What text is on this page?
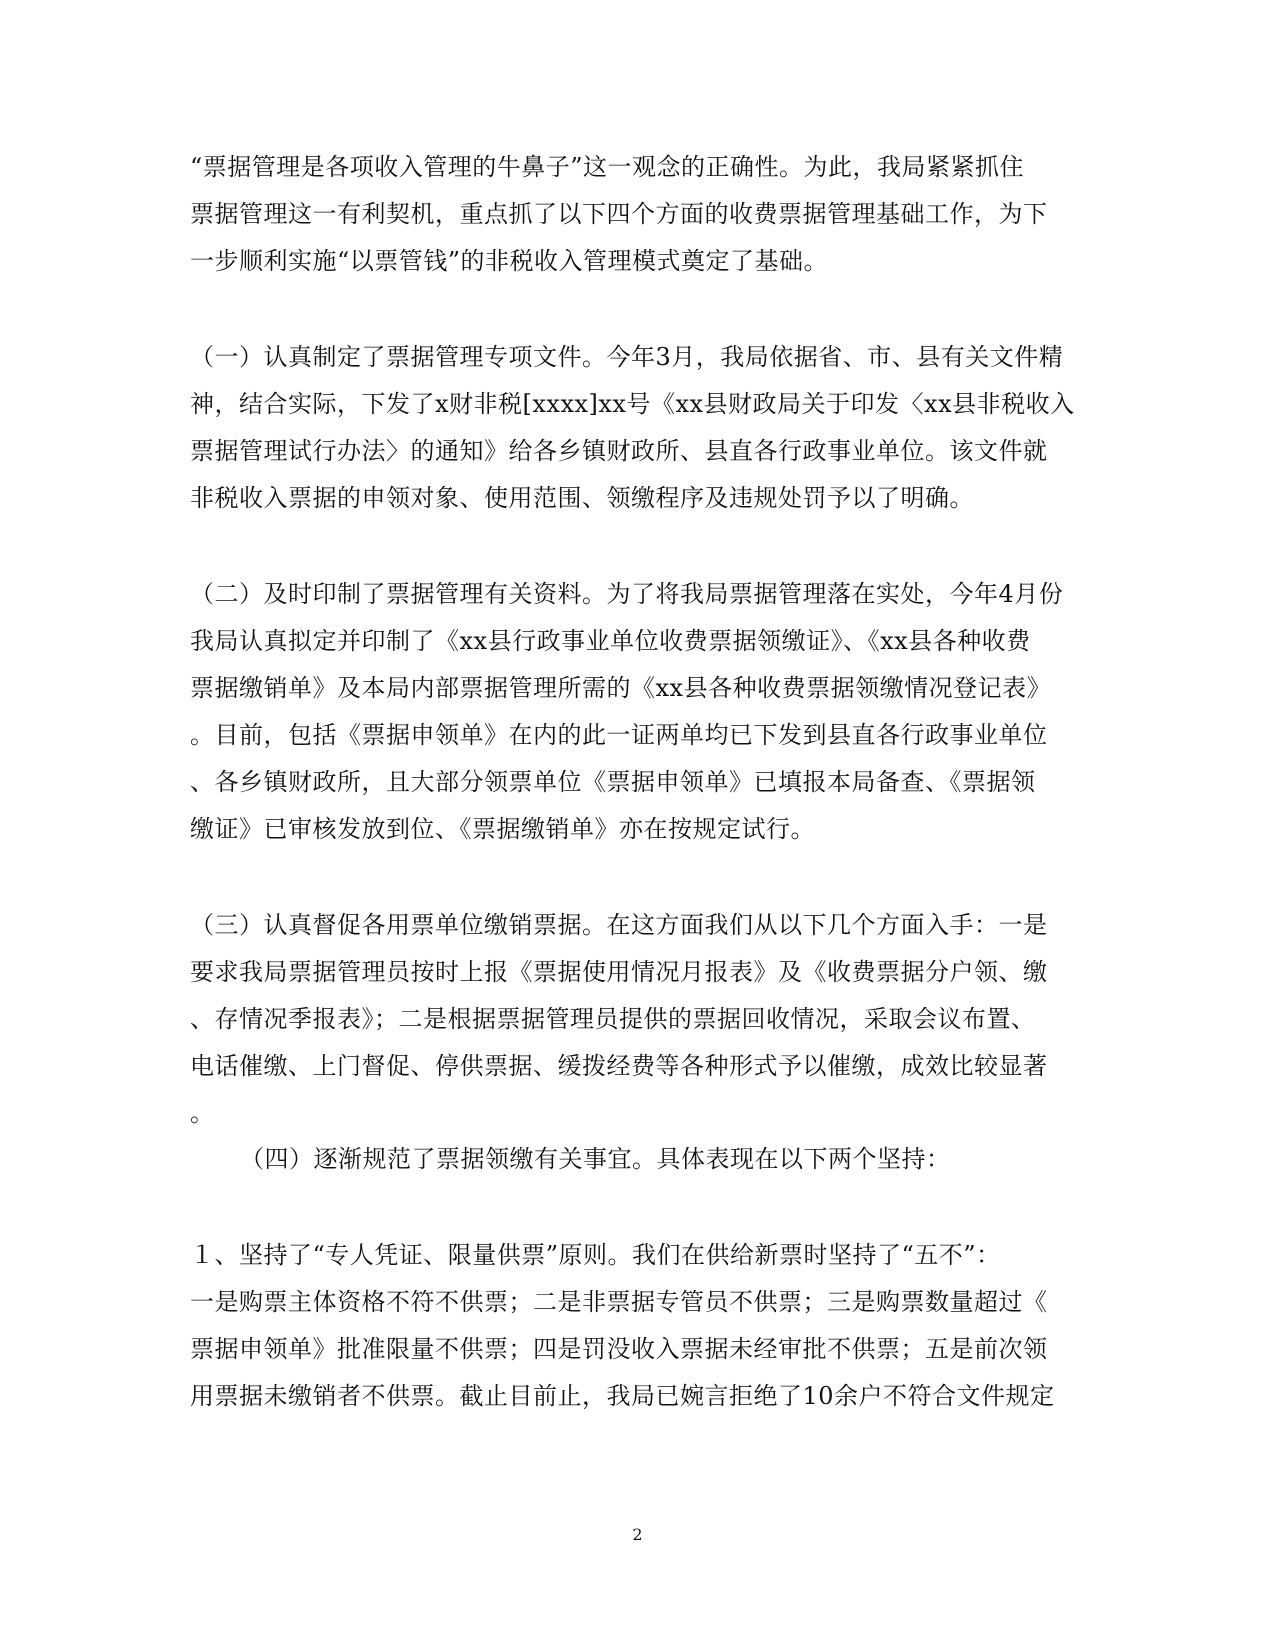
“票据管理是各项收入管理的牛鼻子”这一观念的正确性。为此，我局紧紧抓住
票据管理这一有利契机，重点抓了以下四个方面的收费票据管理基础工作，为下
一步顺利实施“以票管钱”的非税收入管理模式奠定了基础。
（一）认真制定了票据管理专项文件。今年3月，我局依据省、市、县有关文件精
神，结合实际，下发了x财非税[xxxx]xx号《xx县财政局关于印发〈xx县非税收入
票据管理试行办法〉的通知》给各乡镇财政所、县直各行政事业单位。该文件就
非税收入票据的申领对象、使用范围、领缴程序及违规处罚予以了明确。
（二）及时印制了票据管理有关资料。为了将我局票据管理落在实处，今年4月份
我局认真拟定并印制了《xx县行政事业单位收费票据领缴证》、《xx县各种收费
票据缴销单》及本局内部票据管理所需的《xx县各种收费票据领缴情况登记表》
。目前，包括《票据申领单》在内的此一证两单均已下发到县直各行政事业单位
、各乡镇财政所，且大部分领票单位《票据申领单》已填报本局备查、《票据领
缴证》已审核发放到位、《票据缴销单》亦在按规定试行。
（三）认真督促各用票单位缴销票据。在这方面我们从以下几个方面入手：一是
要求我局票据管理员按时上报《票据使用情况月报表》及《收费票据分户领、缴
、存情况季报表》；二是根据票据管理员提供的票据回收情况，采取会议布置、
电话催缴、上门督促、停供票据、缓拨经费等各种形式予以催缴，成效比较显著
。
（四）逐渐规范了票据领缴有关事宜。具体表现在以下两个坚持：
１、坚持了“专人凭证、限量供票”原则。我们在供给新票时坚持了“五不”：
一是购票主体资格不符不供票；二是非票据专管员不供票；三是购票数量超过《
票据申领单》批准限量不供票；四是罚没收入票据未经审批不供票；五是前次领
用票据未缴销者不供票。截止目前止，我局已婉言拒绝了10余户不符合文件规定
2
